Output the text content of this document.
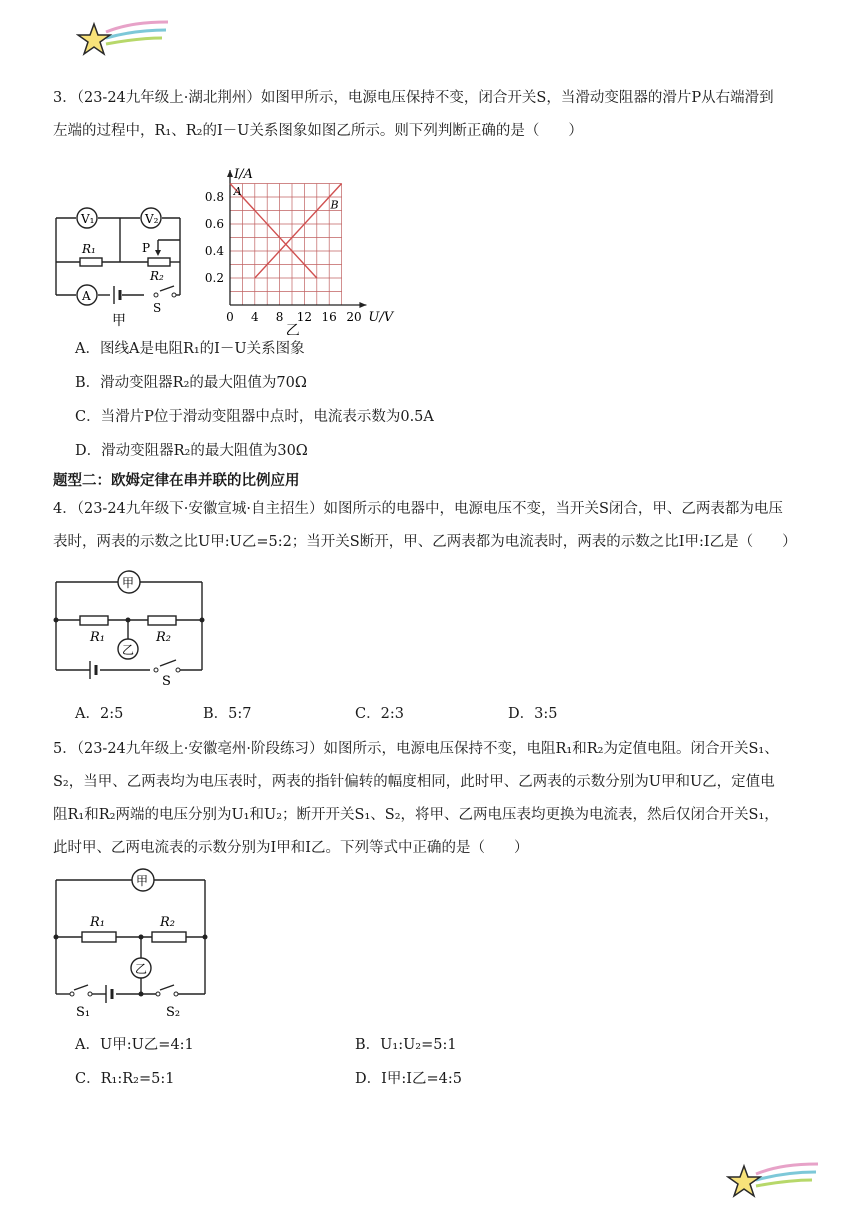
3．（23-24九年级上·湖北荆州）如图甲所示，电源电压保持不变，闭合开关S，当滑动变阻器的滑片P从右端滑到
左端的过程中，R₁、R₂的I－U关系图象如图乙所示。则下列判断正确的是（　　）
V₁	V₂
R₁	P
R₂
A
S
甲	0 4 8 12 16 20
0.2
0.4
0.6
0.8
I/A
U/V
A
B
乙
A．图线A是电阻R₁的I－U关系图象
B．滑动变阻器R₂的最大阻值为70Ω
C．当滑片P位于滑动变阻器中点时，电流表示数为0.5A
D．滑动变阻器R₂的最大阻值为30Ω
题型二：欧姆定律在串并联的比例应用
4．（23-24九年级下·安徽宣城·自主招生）如图所示的电器中，电源电压不变，当开关S闭合，甲、乙两表都为电压
表时，两表的示数之比U甲:U乙=5:2；当开关S断开，甲、乙两表都为电流表时，两表的示数之比I甲:I乙是（　　）
甲
乙
R₁	R₂
S
A．2:5	B．5:7	C．2:3	D．3:5
5．（23-24九年级上·安徽亳州·阶段练习）如图所示，电源电压保持不变，电阻R₁和R₂为定值电阻。闭合开关S₁、
S₂，当甲、乙两表均为电压表时，两表的指针偏转的幅度相同，此时甲、乙两表的示数分别为U甲和U乙，定值电
阻R₁和R₂两端的电压分别为U₁和U₂；断开开关S₁、S₂，将甲、乙两电压表均更换为电流表，然后仅闭合开关S₁，
此时甲、乙两电流表的示数分别为I甲和I乙。下列等式中正确的是（　　）
甲
乙
R₁	R₂
S₁	S₂
A．U甲:U乙=4:1	B．U₁:U₂=5:1
C．R₁:R₂=5:1	D．I甲:I乙=4:5
